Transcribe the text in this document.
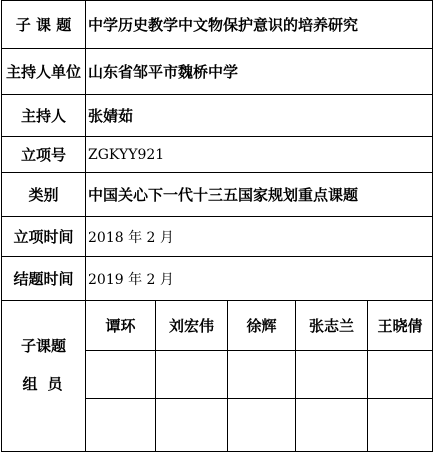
子 课 题	中学历史教学中文物保护意识的培养研究
主持人单位 山东省邹平市魏桥中学
主持人	张婧茹
立项号	ZGKYY921
类别	中国关心下一代十三五国家规划重点课题
立项时间	2018 年 2 月
结题时间	2019 年 2 月
子课题
组员
谭环	刘宏伟	徐辉	张志兰	王晓倩
